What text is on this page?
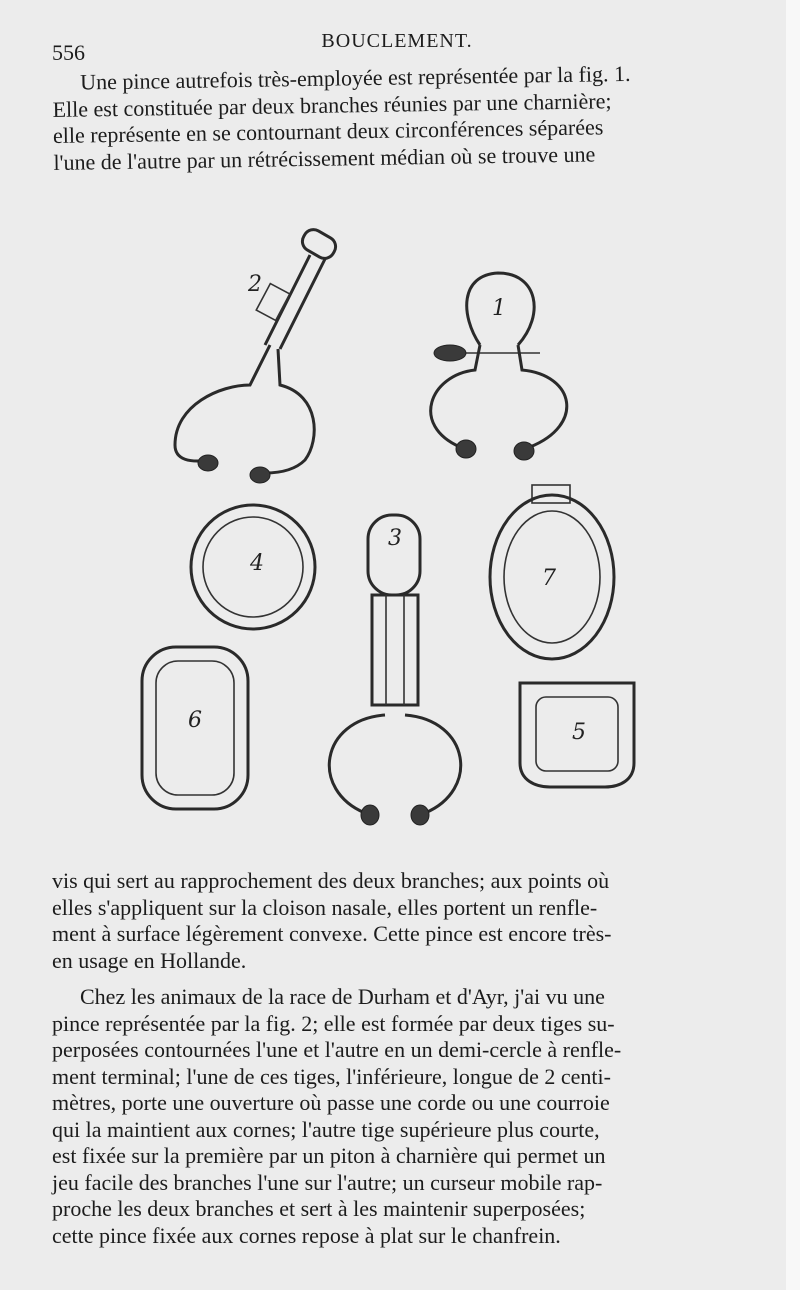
556	BOUCLEMENT.
Une pince autrefois très-employée est représentée par la fig. 1.
Elle est constituée par deux branches réunies par une charnière;
elle représente en se contournant deux circonférences séparées
l'une de l'autre par un rétrécissement médian où se trouve une
2
1
4
3
7
6	5
vis qui sert au rapprochement des deux branches; aux points où
elles s'appliquent sur la cloison nasale, elles portent un renfle-
ment à surface légèrement convexe. Cette pince est encore très-
en usage en Hollande.
Chez les animaux de la race de Durham et d'Ayr, j'ai vu une
pince représentée par la fig. 2; elle est formée par deux tiges su-
perposées contournées l'une et l'autre en un demi-cercle à renfle-
ment terminal; l'une de ces tiges, l'inférieure, longue de 2 centi-
mètres, porte une ouverture où passe une corde ou une courroie
qui la maintient aux cornes; l'autre tige supérieure plus courte,
est fixée sur la première par un piton à charnière qui permet un
jeu facile des branches l'une sur l'autre; un curseur mobile rap-
proche les deux branches et sert à les maintenir superposées;
cette pince fixée aux cornes repose à plat sur le chanfrein.
